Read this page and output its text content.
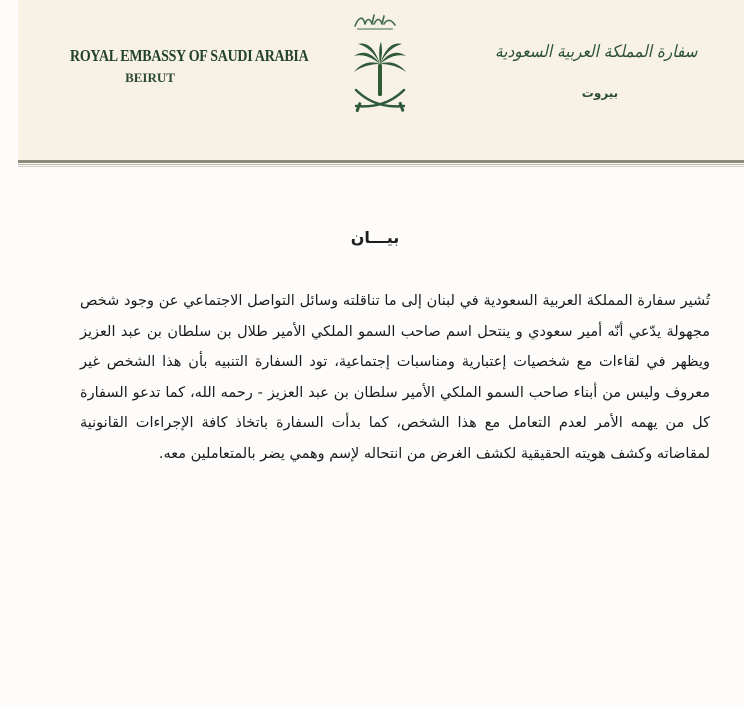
ROYAL EMBASSY OF SAUDI ARABIA
BEIRUT
سفارة المملكة العربية السعودية
بيروت
بيـــان

تُشير سفارة المملكة العربية السعودية في لبنان إلى ما تناقلته وسائل التواصل الاجتماعي عن وجود شخص مجهولة يدّعي أنّه أمير سعودي و ينتحل اسم صاحب السمو الملكي الأمير طلال بن سلطان بن عبد العزيز ويظهر في لقاءات مع شخصيات إعتبارية ومناسبات إجتماعية، تود السفارة التنبيه بأن هذا الشخص غير معروف وليس من أبناء صاحب السمو الملكي الأمير سلطان بن عبد العزيز - رحمه الله، كما تدعو السفارة كل من يهمه الأمر لعدم التعامل مع هذا الشخص، كما بدأت السفارة باتخاذ كافة الإجراءات القانونية لمقاضاته وكشف هويته الحقيقية لكشف الغرض من انتحاله لإسم وهمي يضر بالمتعاملين معه.
